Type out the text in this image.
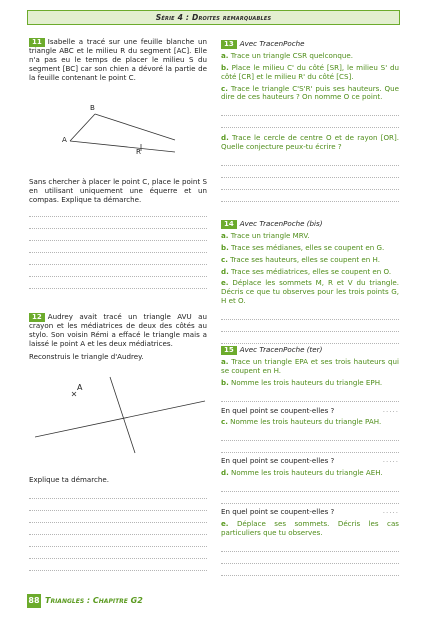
Série 4 : Droites remarquables

11 Isabelle a tracé sur une feuille blanche un triangle ABC et le milieu R du segment [AC]. Elle n'a pas eu le temps de placer le milieu S du segment [BC] car son chien a dévoré la partie de la feuille contenant le point C.

A
B
R
Sans chercher à placer le point C, place le point S en utilisant uniquement une équerre et un compas. Explique ta démarche.

12 Audrey avait tracé un triangle AVU au crayon et les médiatrices de deux des côtés au stylo. Son voisin Rémi a effacé le triangle mais a laissé le point A et les deux médiatrices.

Reconstruis le triangle d'Audrey.
A
Explique ta démarche.

13 Avec TracenPoche

a. Trace un triangle CSR quelconque.

b. Place le milieu C' du côté [SR], le milieu S' du côté [CR] et le milieu R' du côté [CS].

c. Trace le triangle C'S'R' puis ses hauteurs. Que dire de ces hauteurs ? On nomme O ce point.

d. Trace le cercle de centre O et de rayon [OR]. Quelle conjecture peux-tu écrire ?

14 Avec TracenPoche (bis)

a. Trace un triangle MRV.

b. Trace ses médianes, elles se coupent en G.

c. Trace ses hauteurs, elles se coupent en H.

d. Trace ses médiatrices, elles se coupent en O.

e. Déplace les sommets M, R et V du triangle. Décris ce que tu observes pour les trois points G, H et O.

15 Avec TracenPoche (ter)

a. Trace un triangle EPA et ses trois hauteurs qui se coupent en H.

b. Nomme les trois hauteurs du triangle EPH.

En quel point se coupent-elles ?	.....

c. Nomme les trois hauteurs du triangle PAH.

En quel point se coupent-elles ?	.....

d. Nomme les trois hauteurs du triangle AEH.

En quel point se coupent-elles ?	.....

e. Déplace ses sommets. Décris les cas particuliers que tu observes.

88 Triangles : Chapitre G2
